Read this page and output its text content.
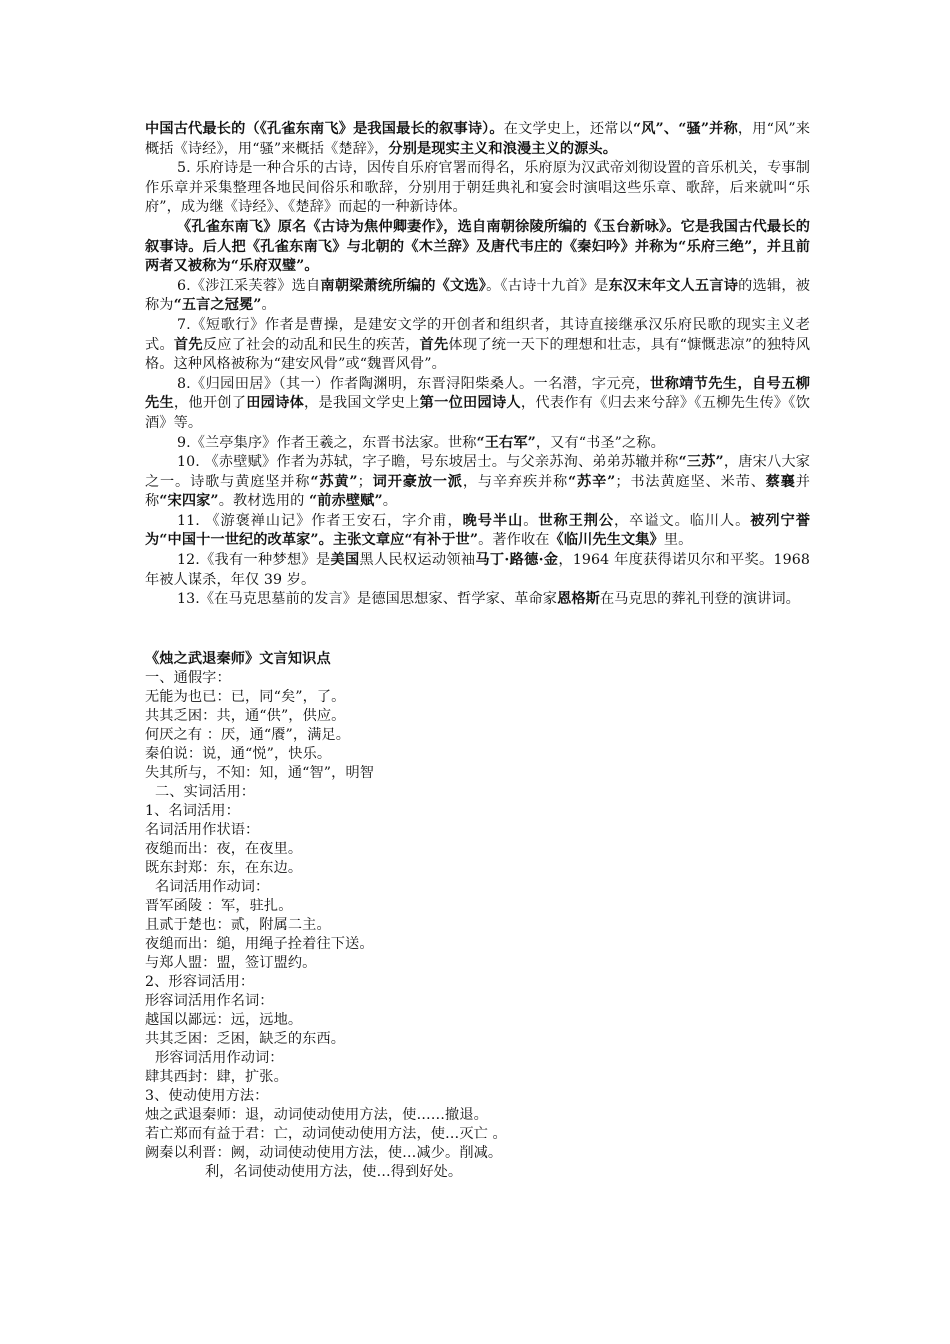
中国古代最长的（《孔雀东南飞》是我国最长的叙事诗）。在文学史上，还常以“风”、“骚”并称，用“风”来概括《诗经》，用“骚”来概括《楚辞》，分别是现实主义和浪漫主义的源头。

5. 乐府诗是一种合乐的古诗，因传自乐府官署而得名，乐府原为汉武帝刘彻设置的音乐机关，专事制作乐章并采集整理各地民间俗乐和歌辞，分别用于朝廷典礼和宴会时演唱这些乐章、歌辞，后来就叫“乐府”，成为继《诗经》、《楚辞》而起的一种新诗体。

《孔雀东南飞》原名《古诗为焦仲卿妻作》，选自南朝徐陵所编的《玉台新咏》。它是我国古代最长的叙事诗。后人把《孔雀东南飞》与北朝的《木兰辞》及唐代韦庄的《秦妇吟》并称为“乐府三绝”，并且前两者又被称为“乐府双璧”。

6.《涉江采芙蓉》选自南朝梁萧统所编的《文选》。《古诗十九首》是东汉末年文人五言诗的选辑，被称为“五言之冠冕”。

7.《短歌行》作者是曹操，是建安文学的开创者和组织者，其诗直接继承汉乐府民歌的现实主义老式。首先反应了社会的动乱和民生的疾苦，首先体现了统一天下的理想和壮志，具有“慷慨悲凉”的独特风格。这种风格被称为“建安风骨”或“魏晋风骨”。

8.《归园田居》（其一）作者陶渊明，东晋浔阳柴桑人。一名潜，字元亮，世称靖节先生，自号五柳先生，他开创了田园诗体，是我国文学史上第一位田园诗人，代表作有《归去来兮辞》《五柳先生传》《饮酒》等。

9.《兰亭集序》作者王羲之，东晋书法家。世称“王右军”，又有“书圣”之称。

10. 《赤壁赋》作者为苏轼，字子瞻，号东坡居士。与父亲苏洵、弟弟苏辙并称“三苏”，唐宋八大家之一。诗歌与黄庭坚并称“苏黄”；词开豪放一派，与辛弃疾并称“苏辛”；书法黄庭坚、米芾、蔡襄并称“宋四家”。教材选用的 “前赤壁赋”。

11. 《游褒禅山记》作者王安石，字介甫，晚号半山。世称王荆公，卒谥文。临川人。被列宁誉为“中国十一世纪的改革家”。主张文章应“有补于世”。著作收在《临川先生文集》里。

12.《我有一种梦想》是美国黑人民权运动领袖马丁·路德·金，1964 年度获得诺贝尔和平奖。1968 年被人谋杀，年仅 39 岁。

13.《在马克思墓前的发言》是德国思想家、哲学家、革命家恩格斯在马克思的葬礼刊登的演讲词。

《烛之武退秦师》文言知识点

一、通假字：

无能为也已：已，同“矣”，了。

共其乏困：共，通“供”，供应。

何厌之有 ：厌，通“餍”，满足。

秦伯说：说，通“悦”，快乐。

失其所与，不知：知，通“智”，明智

二、实词活用：

1、名词活用：

名词活用作状语：

夜缒而出：夜，在夜里。

既东封郑：东，在东边。

名词活用作动词：

晋军函陵 ：军，驻扎。

且贰于楚也：贰，附属二主。

夜缒而出：缒，用绳子拴着往下送。

与郑人盟：盟，签订盟约。

2、形容词活用：

形容词活用作名词：

越国以鄙远：远，远地。

共其乏困：乏困，缺乏的东西。

形容词活用作动词：

肆其西封：肆，扩张。

3、使动使用方法：

烛之武退秦师：退，动词使动使用方法，使……撤退。

若亡郑而有益于君：亡，动词使动使用方法，使…灭亡 。

阙秦以利晋：阙，动词使动使用方法，使…减少。削减。

利，名词使动使用方法，使…得到好处。
